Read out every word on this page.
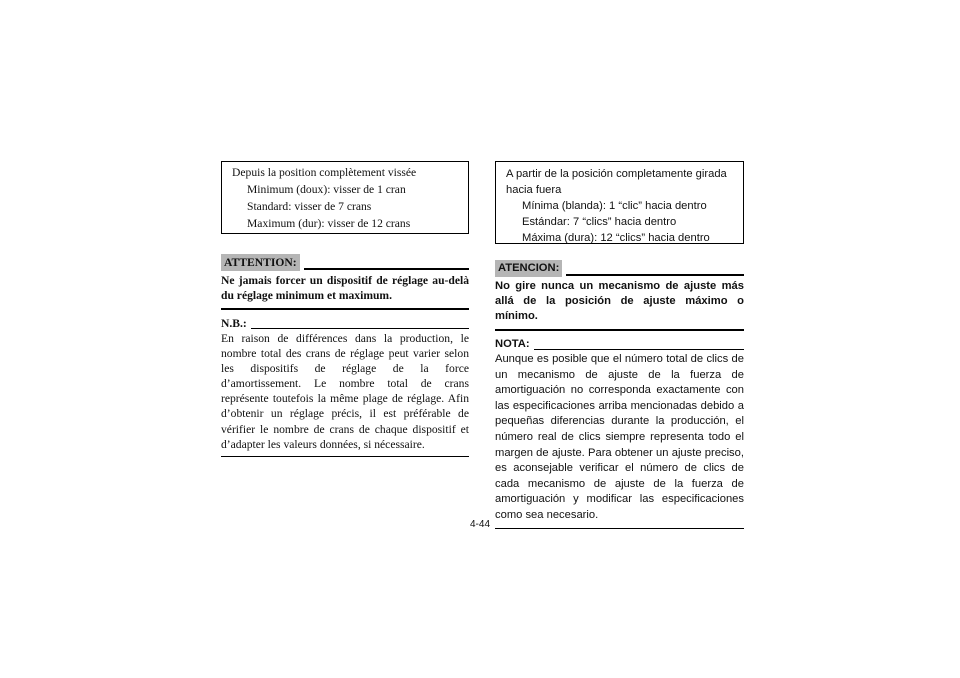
Depuis la position complètement vissée
Minimum (doux): visser de 1 cran
Standard: visser de 7 crans
Maximum (dur): visser de 12 crans
ATTENTION:
Ne jamais forcer un dispositif de réglage au-delà du réglage minimum et maximum.
N.B.:
En raison de différences dans la production, le nombre total des crans de réglage peut varier selon les dispositifs de réglage de la force d’amortissement. Le nombre total de crans représente toutefois la même plage de réglage. Afin d’obtenir un réglage précis, il est préférable de vérifier le nombre de crans de chaque dispositif et d’adapter les valeurs données, si nécessaire.
A partir de la posición completamente girada hacia fuera
Mínima (blanda): 1 “clic” hacia dentro
Estándar: 7 “clics” hacia dentro
Máxima (dura): 12 “clics” hacia dentro
ATENCION:
No gire nunca un mecanismo de ajuste más allá de la posición de ajuste máximo o mínimo.
NOTA:
Aunque es posible que el número total de clics de un mecanismo de ajuste de la fuerza de amortiguación no corresponda exactamente con las especificaciones arriba mencionadas debido a pequeñas diferencias durante la producción, el número real de clics siempre representa todo el margen de ajuste. Para obtener un ajuste preciso, es aconsejable verificar el número de clics de cada mecanismo de ajuste de la fuerza de amortiguación y modificar las especificaciones como sea necesario.
4-44
